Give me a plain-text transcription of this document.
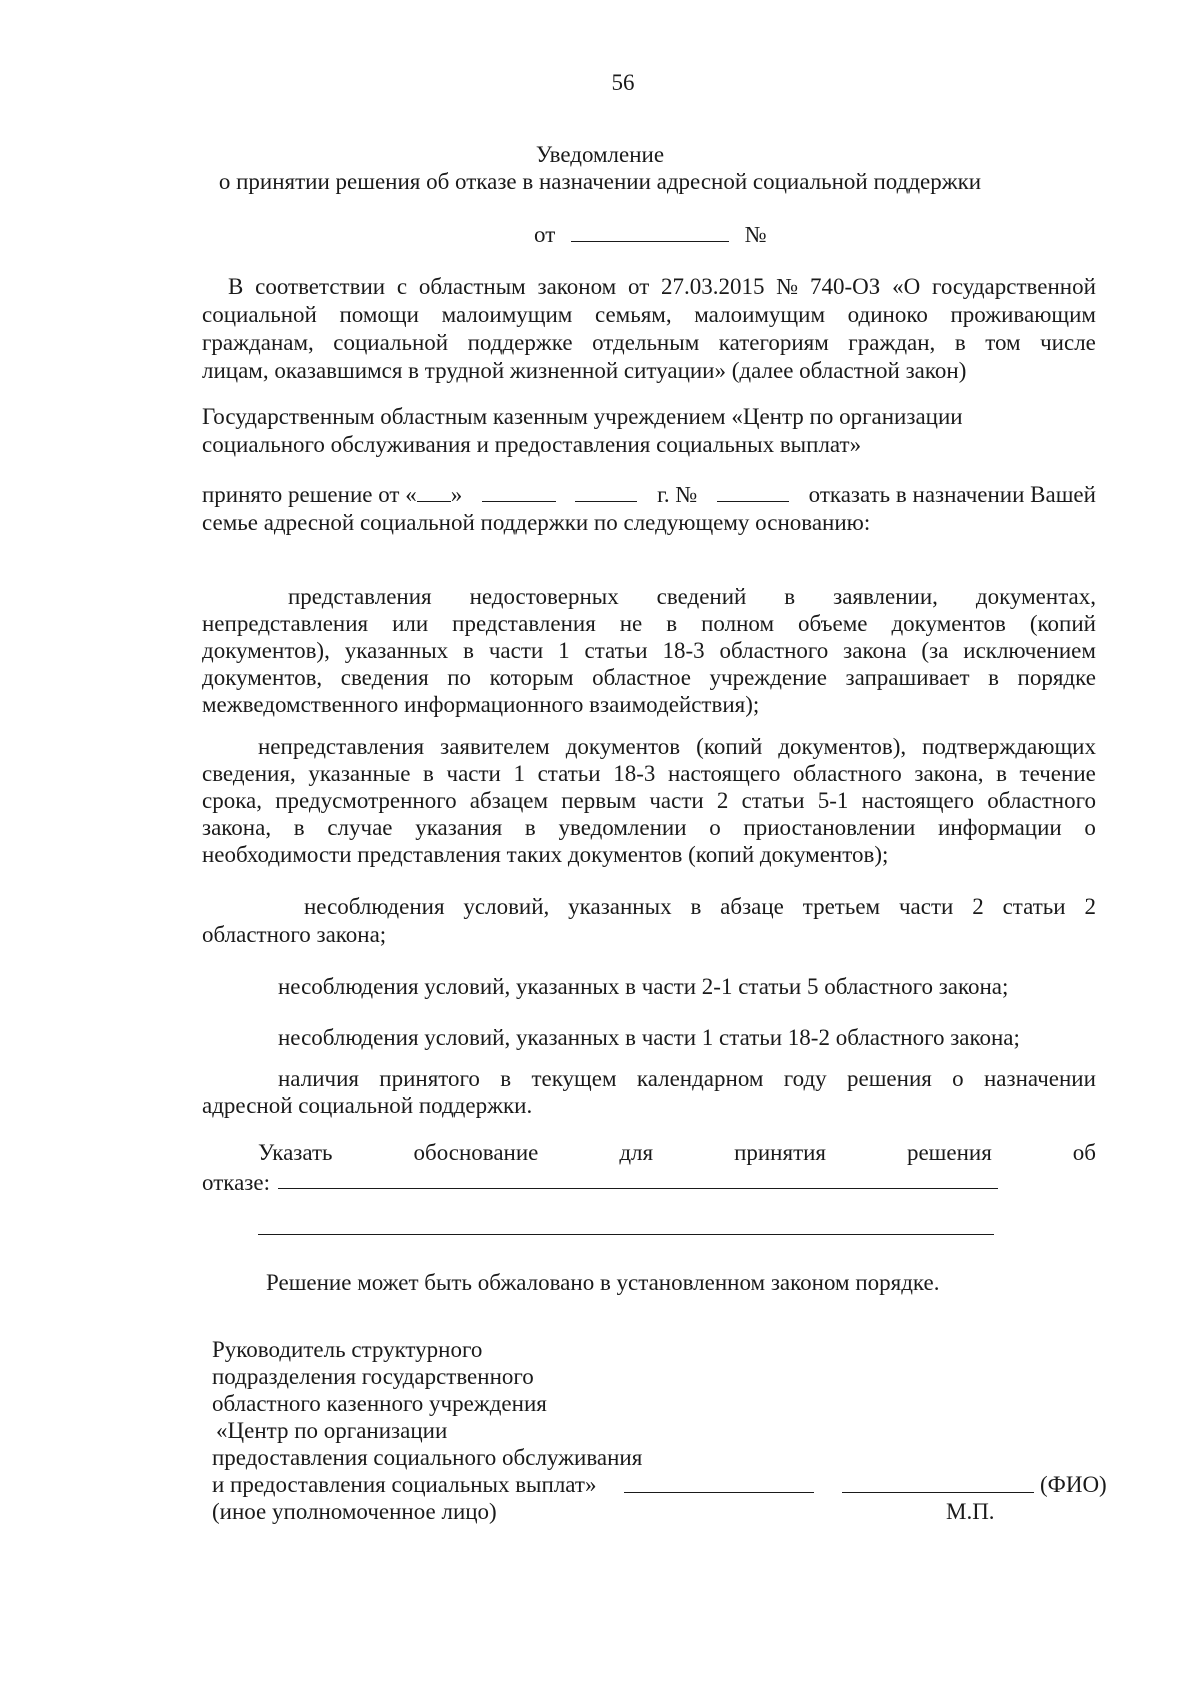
56
Уведомление
о принятии решения об отказе в назначении адресной социальной поддержки
от	№
В соответствии с областным законом от 27.03.2015 № 740-ОЗ «О государственной
социальной помощи малоимущим семьям, малоимущим одиноко проживающим
гражданам, социальной поддержке отдельным категориям граждан, в том числе
лицам, оказавшимся в трудной жизненной ситуации» (далее областной закон)
Государственным областным казенным учреждением «Центр по организации
социального обслуживания и предоставления социальных выплат»
принято решение от « »	г. №	отказать в назначении Вашей
семье адресной социальной поддержки по следующему основанию:
представления недостоверных сведений в заявлении, документах,
непредставления или представления не в полном объеме документов (копий
документов), указанных в части 1 статьи 18-3 областного закона (за исключением
документов, сведения по которым областное учреждение запрашивает в порядке
межведомственного информационного взаимодействия);
непредставления заявителем документов (копий документов), подтверждающих
сведения, указанные в части 1 статьи 18-3 настоящего областного закона, в течение
срока, предусмотренного абзацем первым части 2 статьи 5-1 настоящего областного
закона, в случае указания в уведомлении о приостановлении информации о
необходимости представления таких документов (копий документов);
несоблюдения условий, указанных в абзаце третьем части 2 статьи 2
областного закона;
несоблюдения условий, указанных в части 2-1 статьи 5 областного закона;
несоблюдения условий, указанных в части 1 статьи 18-2 областного закона;
наличия принятого в текущем календарном году решения о назначении
адресной социальной поддержки.
Указать	обоснование	для	принятия	решения	об
отказе:
Решение может быть обжаловано в установленном законом порядке.
Руководитель структурного
подразделения государственного
областного казенного учреждения
«Центр по организации
предоставления социального обслуживания
и предоставления социальных выплат»	(ФИО)
(иное уполномоченное лицо)	М.П.
